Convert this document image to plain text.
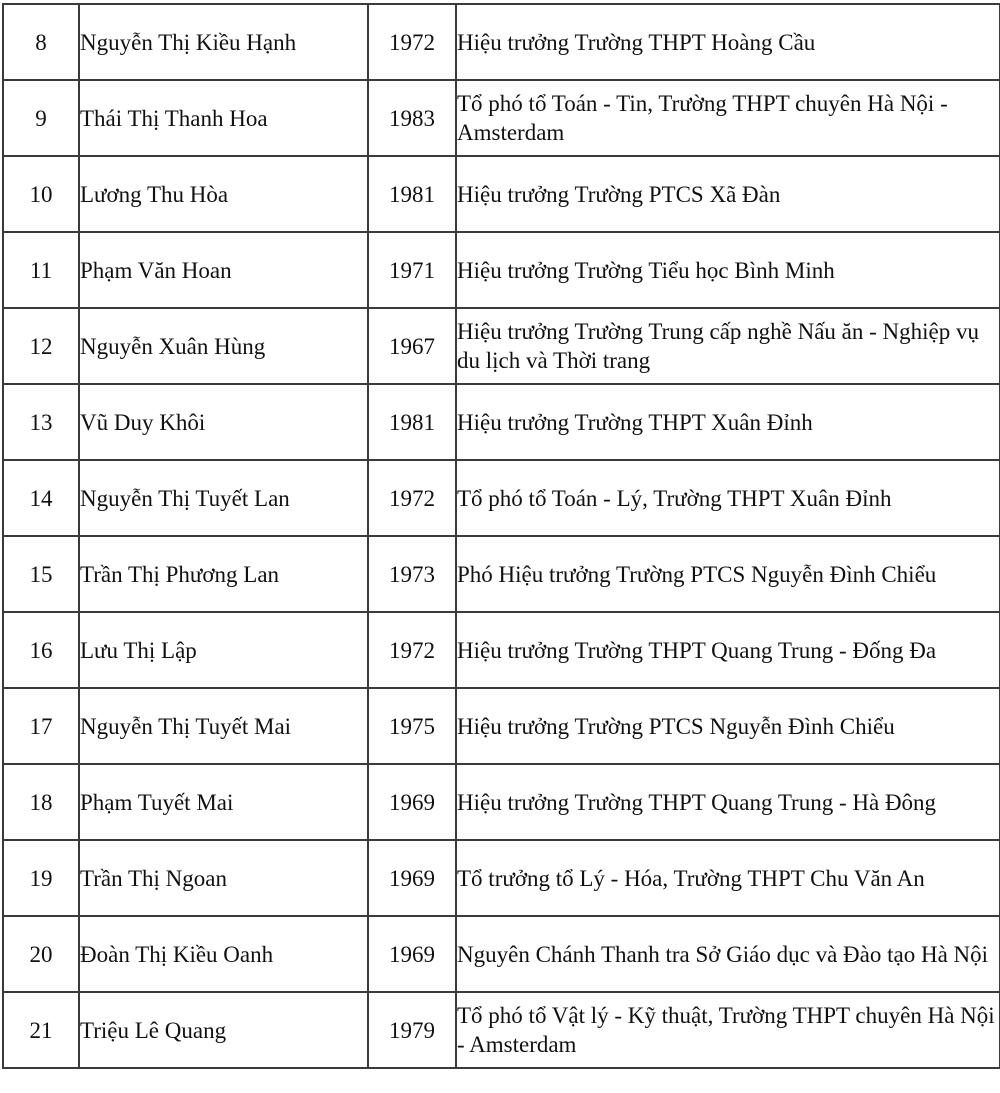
8	Nguyễn Thị Kiều Hạnh	1972	Hiệu trưởng Trường THPT Hoàng Cầu
9	Thái Thị Thanh Hoa	1983	Tổ phó tổ Toán - Tin, Trường THPT chuyên Hà Nội - Amsterdam
10	Lương Thu Hòa	1981	Hiệu trưởng Trường PTCS Xã Đàn
11	Phạm Văn Hoan	1971	Hiệu trưởng Trường Tiểu học Bình Minh
12	Nguyễn Xuân Hùng	1967	Hiệu trưởng Trường Trung cấp nghề Nấu ăn - Nghiệp vụ du lịch và Thời trang
13	Vũ Duy Khôi	1981	Hiệu trưởng Trường THPT Xuân Đỉnh
14	Nguyễn Thị Tuyết Lan	1972	Tổ phó tổ Toán - Lý, Trường THPT Xuân Đỉnh
15	Trần Thị Phương Lan	1973	Phó Hiệu trưởng Trường PTCS Nguyễn Đình Chiểu
16	Lưu Thị Lập	1972	Hiệu trưởng Trường THPT Quang Trung - Đống Đa
17	Nguyễn Thị Tuyết Mai	1975	Hiệu trưởng Trường PTCS Nguyễn Đình Chiểu
18	Phạm Tuyết Mai	1969	Hiệu trưởng Trường THPT Quang Trung - Hà Đông
19	Trần Thị Ngoan	1969	Tổ trưởng tổ Lý - Hóa, Trường THPT Chu Văn An
20	Đoàn Thị Kiều Oanh	1969	Nguyên Chánh Thanh tra Sở Giáo dục và Đào tạo Hà Nội
21	Triệu Lê Quang	1979	Tổ phó tổ Vật lý - Kỹ thuật, Trường THPT chuyên Hà Nội - Amsterdam
